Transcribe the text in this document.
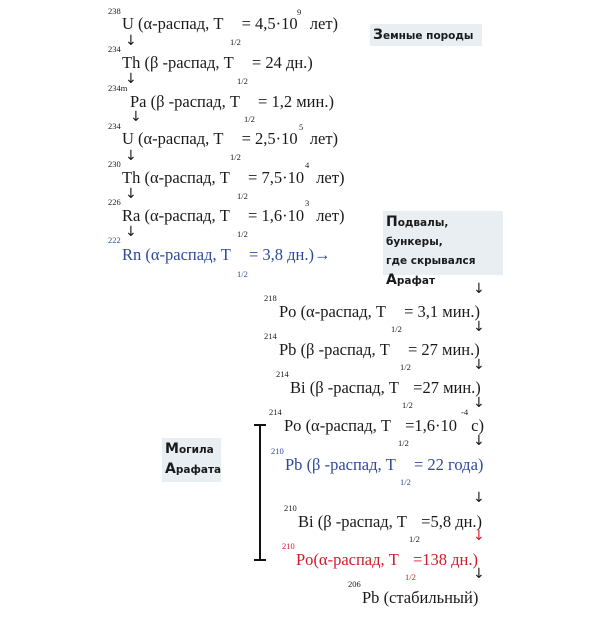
Земные породы
Подвалы, бункеры,
где скрывался
Арафат
Могила
Арафата
238
U (α-распад, T = 4,5·10 лет)
1/2
9
↓
234
Th (β -распад, T = 24 дн.)
1/2
↓
234m
Pa (β -распад, T = 1,2 мин.)
1/2
↓
234
U (α-распад, T = 2,5·10 лет)
1/2
5
↓
230
Th (α-распад, T = 7,5·10 лет)
1/2
4
↓
226
Ra (α-распад, T = 1,6·10 лет)
1/2
3
↓
222
Rn (α-распад, T = 3,8 дн.)→
1/2
↓
218
Po (α-распад, T = 3,1 мин.)
1/2	↓
214
Pb (β -распад, T = 27 мин.)
1/2	↓
214
Bi (β -распад, T =27 мин.)
1/2	↓
214
Po (α-распад, T =1,6·10 c)
1/2
-4
↓
210
Pb (β -распад, T = 22 года)
1/2
↓
210
Bi (β -распад, T =5,8 дн.)
1/2	↓
210
Po(α-распад, T =138 дн.)
1/2	↓
206
Pb (стабильный)
